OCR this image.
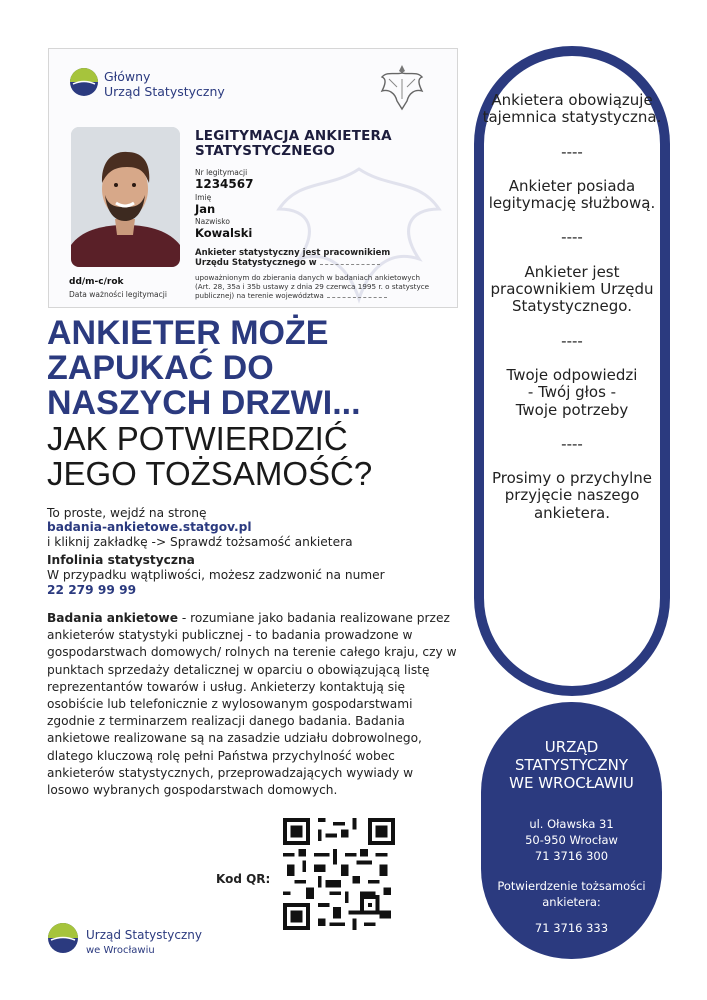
Główny
Urząd Statystyczny
LEGITYMACJA ANKIETERA
STATYSTYCZNEGO
Nr legitymacji
1234567
Imię
Jan
Nazwisko
Kowalski
Ankieter statystyczny jest pracownikiem
Urzędu Statystycznego w
upoważnionym do zbierania danych w badaniach ankietowych
(Art. 28, 35a i 35b ustawy z dnia 29 czerwca 1995 r. o statystyce
publicznej) na terenie województwa
dd/m-c/rok
Data ważności legitymacji
ANKIETER MOŻE
ZAPUKAĆ DO
NASZYCH DRZWI...
JAK POTWIERDZIĆ
JEGO TOŻSAMOŚĆ?
To proste, wejdź na stronę
badania-ankietowe.statgov.pl
i kliknij zakładkę -> Sprawdź tożsamość ankietera
Infolinia statystyczna
W przypadku wątpliwości, możesz zadzwonić na numer
22 279 99 99
Badania ankietowe - rozumiane jako badania realizowane przez ankieterów statystyki publicznej - to badania prowadzone w gospodarstwach domowych/ rolnych na terenie całego kraju, czy w punktach sprzedaży detalicznej w oparciu o obowiązującą listę reprezentantów towarów i usług. Ankieterzy kontaktują się osobiście lub telefonicznie z wylosowanym gospodarstwami zgodnie z terminarzem realizacji danego badania. Badania ankietowe realizowane są na zasadzie udziału dobrowolnego, dlatego kluczową rolę pełni Państwa przychylność wobec ankieterów statystycznych, przeprowadzających wywiady w losowo wybranych gospodarstwach domowych.
Kod QR:
Urząd Statystyczny
we Wrocławiu

Ankietera obowiązuje tajemnica statystyczna.

----

Ankieter posiada legitymację służbową.

----

Ankieter jest pracownikiem Urzędu Statystycznego.

----

Twoje odpowiedzi

- Twój głos -

Twoje potrzeby

----

Prosimy o przychylne przyjęcie naszego ankietera.

URZĄD
STATYSTYCZNY
WE WROCŁAWIU
ul. Oławska 31
50-950 Wrocław
71 3716 300
Potwierdzenie tożsamości
ankietera:
71 3716 333
